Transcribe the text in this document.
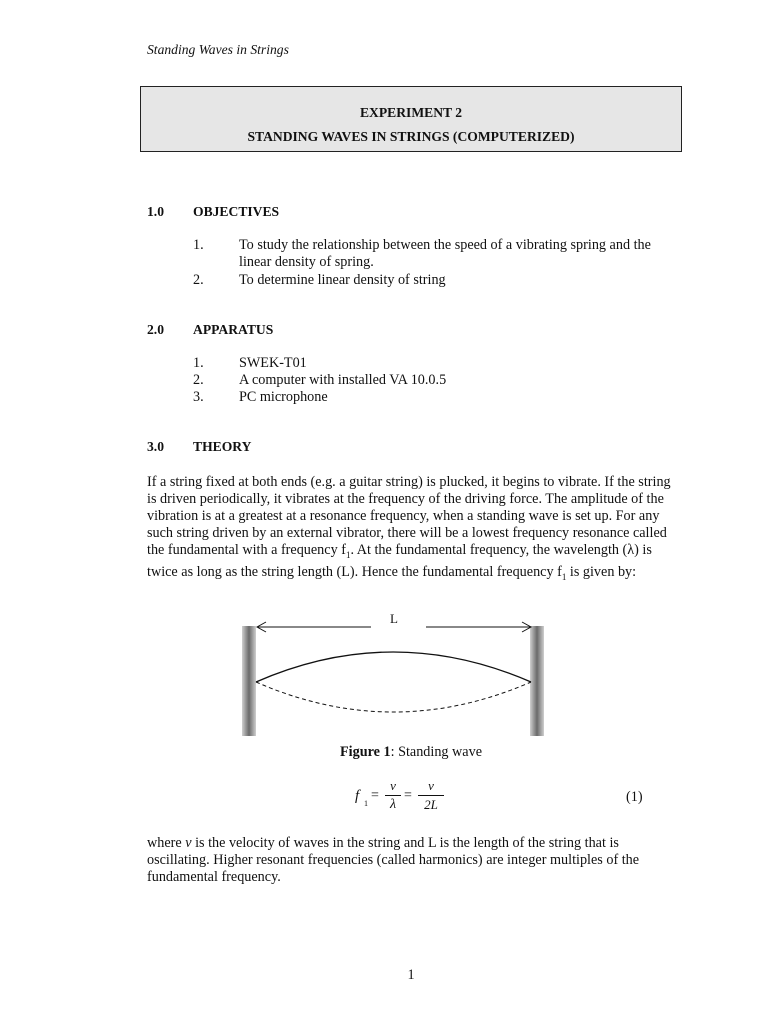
Standing Waves in Strings
EXPERIMENT 2
STANDING WAVES IN STRINGS (COMPUTERIZED)
1.0 OBJECTIVES
1. To study the relationship between the speed of a vibrating spring and the linear density of spring.
2. To determine linear density of string
2.0 APPARATUS
1. SWEK-T01
2. A computer with installed VA 10.0.5
3. PC microphone
3.0 THEORY
If a string fixed at both ends (e.g. a guitar string) is plucked, it begins to vibrate. If the string is driven periodically, it vibrates at the frequency of the driving force. The amplitude of the vibration is at a greatest at a resonance frequency, when a standing wave is set up. For any such string driven by an external vibrator, there will be a lowest frequency resonance called the fundamental with a frequency $f_1$. At the fundamental frequency, the wavelength (λ) is twice as long as the string length (L). Hence the fundamental frequency $f_1$ is given by:
L
Figure 1: Standing wave
f 1
=
v
λ
=
v
2L	(1)
where v is the velocity of waves in the string and L is the length of the string that is oscillating. Higher resonant frequencies (called harmonics) are integer multiples of the fundamental frequency.
1
